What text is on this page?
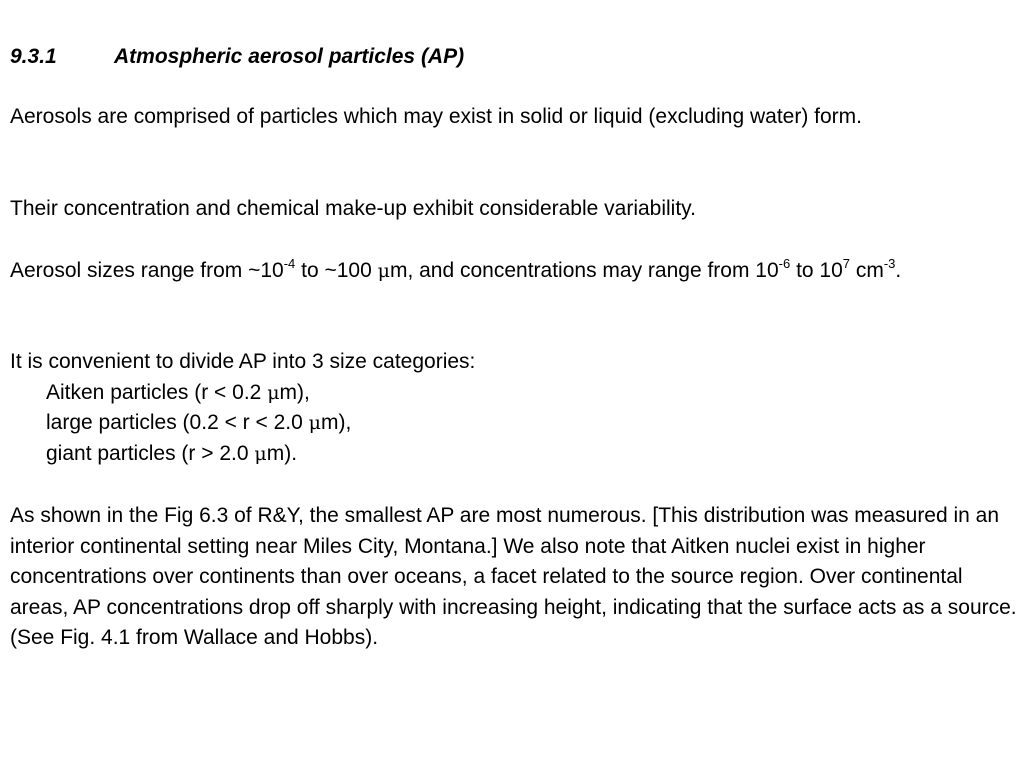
9.3.1	Atmospheric aerosol particles (AP)

Aerosols are comprised of particles which may exist in solid or liquid (excluding water) form.

Their concentration and chemical make-up exhibit considerable variability.

Aerosol sizes range from $\sim 10^{-4}$ to ~100 μm, and concentrations may range from $10^{-6}$ to $10^7$ $cm^{-3}$.

It is convenient to divide AP into 3 size categories:
Aitken particles (r < 0.2 μm),
large particles (0.2 < r < 2.0 μm),
giant particles (r > 2.0 μm).

As shown in the Fig 6.3 of R&Y, the smallest AP are most numerous. [This distribution was measured in an interior continental setting near Miles City, Montana.] We also note that Aitken nuclei exist in higher concentrations over continents than over oceans, a facet related to the source region. Over continental areas, AP concentrations drop off sharply with increasing height, indicating that the surface acts as a source. (See Fig. 4.1 from Wallace and Hobbs).
